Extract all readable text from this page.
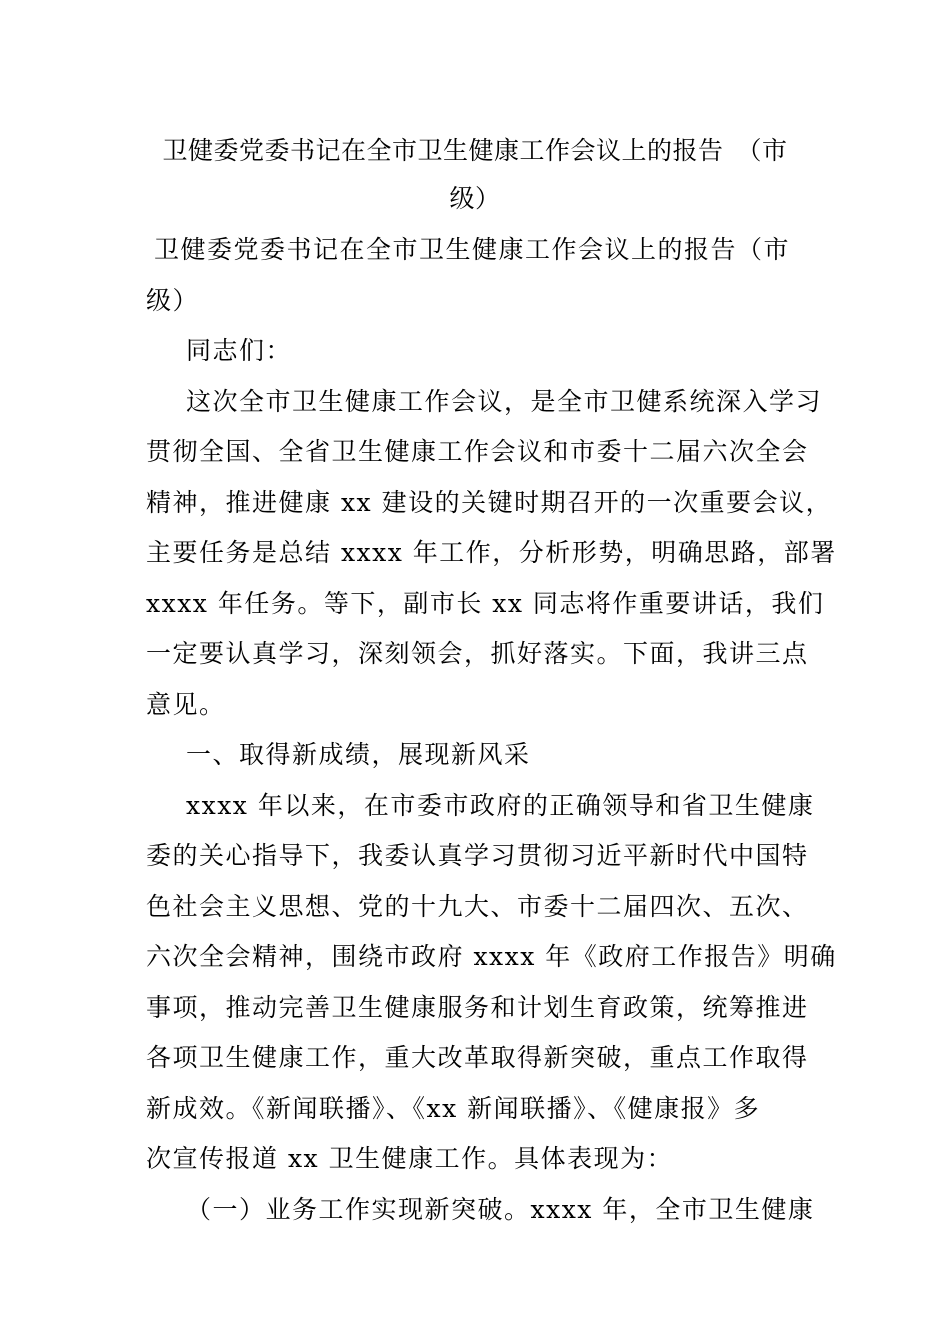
卫健委党委书记在全市卫生健康工作会议上的报告　（市
级）
卫健委党委书记在全市卫生健康工作会议上的报告（市
级）
同志们：
这次全市卫生健康工作会议，是全市卫健系统深入学习
贯彻全国、全省卫生健康工作会议和市委十二届六次全会
精神，推进健康 xx 建设的关键时期召开的一次重要会议，
主要任务是总结 xxxx 年工作，分析形势，明确思路，部署
xxxx 年任务。等下，副市长 xx 同志将作重要讲话，我们
一定要认真学习，深刻领会，抓好落实。下面，我讲三点
意见。
一、取得新成绩，展现新风采
xxxx 年以来，在市委市政府的正确领导和省卫生健康
委的关心指导下，我委认真学习贯彻习近平新时代中国特
色社会主义思想、党的十九大、市委十二届四次、五次、
六次全会精神，围绕市政府 xxxx 年《政府工作报告》明确
事项，推动完善卫生健康服务和计划生育政策，统筹推进
各项卫生健康工作，重大改革取得新突破，重点工作取得
新成效。《新闻联播》、《xx 新闻联播》、《健康报》多
次宣传报道 xx 卫生健康工作。具体表现为：
（一）业务工作实现新突破。xxxx 年，全市卫生健康
